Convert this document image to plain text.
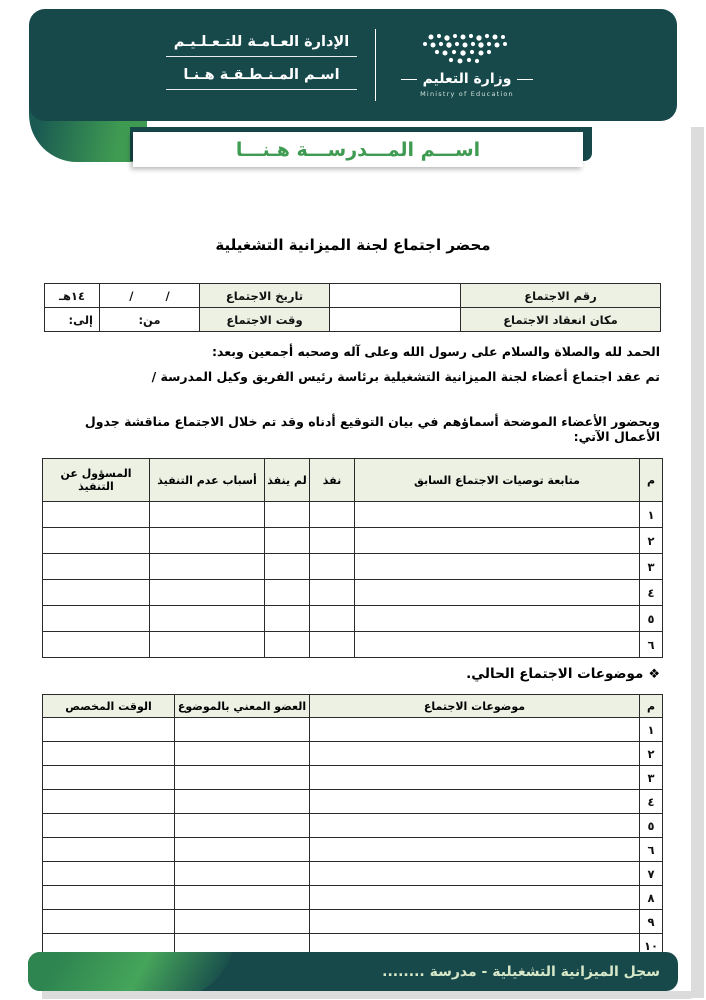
وزارة التعليم
Ministry of Education
الإدارة العـامـة للتـعـلـيـم
اسـم المـنـطـقـة هـنـا
اســـم المـــدرســـة هـنـــا
محضر اجتماع لجنة الميزانية التشغيلية
رقم الاجتماع		تاريخ الاجتماع	/        /	١٤هـ
مكان انعقاد الاجتماع		وقت الاجتماع	من:	إلى:
الحمد لله والصلاة والسلام على رسول الله وعلى آله وصحبه أجمعين وبعد:
تم عقد اجتماع أعضاء لجنة الميزانية التشغيلية برئاسة رئيس الفريق وكيل المدرسة /
وبحضور الأعضاء الموضحة أسماؤهم في بيان التوقيع أدناه وقد تم خلال الاجتماع مناقشة جدول الأعمال الآتي:
م	متابعة توصيات الاجتماع السابق	نفذ	لم ينفذ	أسباب عدم التنفيذ	المسؤول عن التنفيذ
١					
٢					
٣					
٤					
٥					
٦					
❖موضوعات الاجتماع الحالي.
م	موضوعات الاجتماع	العضو المعني بالموضوع	الوقت المخصص
١			
٢			
٣			
٤			
٥			
٦			
٧			
٨			
٩			
١٠			
سجل الميزانية التشغيلية - مدرسة ........
